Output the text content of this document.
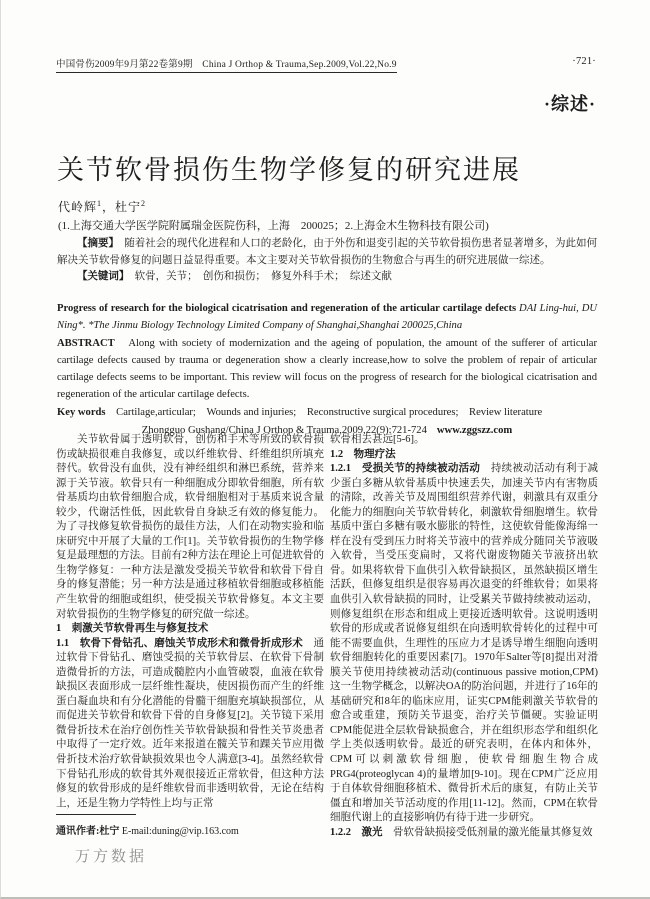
中国骨伤2009年9月第22卷第9期　China J Orthop & Trauma,Sep.2009,Vol.22,No.9	·721·
·综述·
关节软骨损伤生物学修复的研究进展
代岭辉$^1$，杜宁$^2$
(1.上海交通大学医学院附属瑞金医院伤科，上海　200025；2.上海金木生物科技有限公司)

【摘要】　随着社会的现代化进程和人口的老龄化，由于外伤和退变引起的关节软骨损伤患者显著增多，为此如何解决关节软骨修复的问题日益显得重要。本文主要对关节软骨损伤的生物愈合与再生的研究进展做一综述。

【关键词】　软骨，关节；　创伤和损伤；　修复外科手术；　综述文献

Progress of research for the biological cicatrisation and regeneration of the articular cartilage defects DAI Ling-hui, DU Ning*. *The Jinmu Biology Technology Limited Company of Shanghai,Shanghai 200025,China

ABSTRACT　Along with society of modernization and the ageing of population, the amount of the sufferer of articular cartilage defects caused by trauma or degeneration show a clearly increase,how to solve the problem of repair of articular cartilage defects seems to be important. This review will focus on the progress of research for the biological cicatrisation and regeneration of the articular cartilage defects.

Key words　Cartilage,articular;　Wounds and injuries;　Reconstructive surgical procedures;　Review literature

Zhongguo Gushang/China J Orthop & Trauma,2009,22(9):721-724 www.zggszz.com

关节软骨属于透明软骨，创伤和手术等所致的软骨损伤或缺损很难自我修复，或以纤维软骨、纤维组织所填充替代。软骨没有血供，没有神经组织和淋巴系统，营养来源于关节液。软骨只有一种细胞成分即软骨细胞，所有软骨基质均由软骨细胞合成，软骨细胞相对于基质来说含量较少，代谢活性低，因此软骨自身缺乏有效的修复能力。为了寻找修复软骨损伤的最佳方法，人们在动物实验和临床研究中开展了大量的工作[1]。关节软骨损伤的生物学修复是最理想的方法。目前有2种方法在理论上可促进软骨的生物学修复：一种方法是激发受损关节软骨和软骨下骨自身的修复潜能；另一种方法是通过移植软骨细胞或移植能产生软骨的细胞或组织，使受损关节软骨修复。本文主要对软骨损伤的生物学修复的研究做一综述。

1　刺激关节软骨再生与修复技术

1.1　软骨下骨钻孔、磨蚀关节成形术和微骨折成形术　通过软骨下骨钻孔、磨蚀受损的关节软骨层、在软骨下骨制造微骨折的方法，可造成髓腔内小血管破裂，血液在软骨缺损区表面形成一层纤维性凝块，使因损伤而产生的纤维蛋白凝血块和有分化潜能的骨髓干细胞充填缺损部位，从而促进关节软骨和软骨下骨的自身修复[2]。关节镜下采用微骨折技术在治疗创伤性关节软骨缺损和骨性关节炎患者中取得了一定疗效。近年来报道在髋关节和踝关节应用微骨折技术治疗软骨缺损效果也令人满意[3-4]。虽然经软骨下骨钻孔形成的软骨其外观很接近正常软骨，但这种方法修复的软骨形成的是纤维软骨而非透明软骨，无论在结构上，还是生物力学特性上均与正常

软骨相去甚远[5-6]。

1.2　物理疗法

1.2.1　受损关节的持续被动活动　持续被动活动有利于减少蛋白多糖从软骨基质中快速丢失，加速关节内有害物质的清除，改善关节及周围组织营养代谢，刺激具有双重分化能力的细胞向关节软骨转化，刺激软骨细胞增生。软骨基质中蛋白多糖有吸水膨胀的特性，这使软骨能像海绵一样在没有受到压力时将关节液中的营养成分随同关节液吸入软骨，当受压变扁时，又将代谢废物随关节液挤出软骨。如果将软骨下血供引入软骨缺损区，虽然缺损区增生活跃，但修复组织是很容易再次退变的纤维软骨；如果将血供引入软骨缺损的同时，让受累关节做持续被动运动，则修复组织在形态和组成上更接近透明软骨。这说明透明软骨的形成或者说修复组织在向透明软骨转化的过程中可能不需要血供，生理性的压应力才是诱导增生细胞向透明软骨细胞转化的重要因素[7]。1970年Salter等[8]提出对滑膜关节使用持续被动活动(continuous passive motion,CPM)这一生物学概念，以解决OA的防治问题，并进行了16年的基础研究和8年的临床应用，证实CPM能刺激关节软骨的愈合或重建，预防关节退变，治疗关节僵硬。实验证明CPM能促进全层软骨缺损愈合，并在组织形态学和组织化学上类似透明软骨。最近的研究表明，在体内和体外，CPM可以刺激软骨细胞，使软骨细胞生物合成PRG4(proteoglycan 4)的量增加[9-10]。现在CPM广泛应用于自体软骨细胞移植术、微骨折术后的康复，有防止关节僵直和增加关节活动度的作用[11-12]。然而，CPM在软骨细胞代谢上的直接影响仍有待于进一步研究。

1.2.2　激光　骨软骨缺损接受低剂量的激光能量其修复效

通讯作者:杜宁 E-mail:duning@vip.163.com
万方数据
